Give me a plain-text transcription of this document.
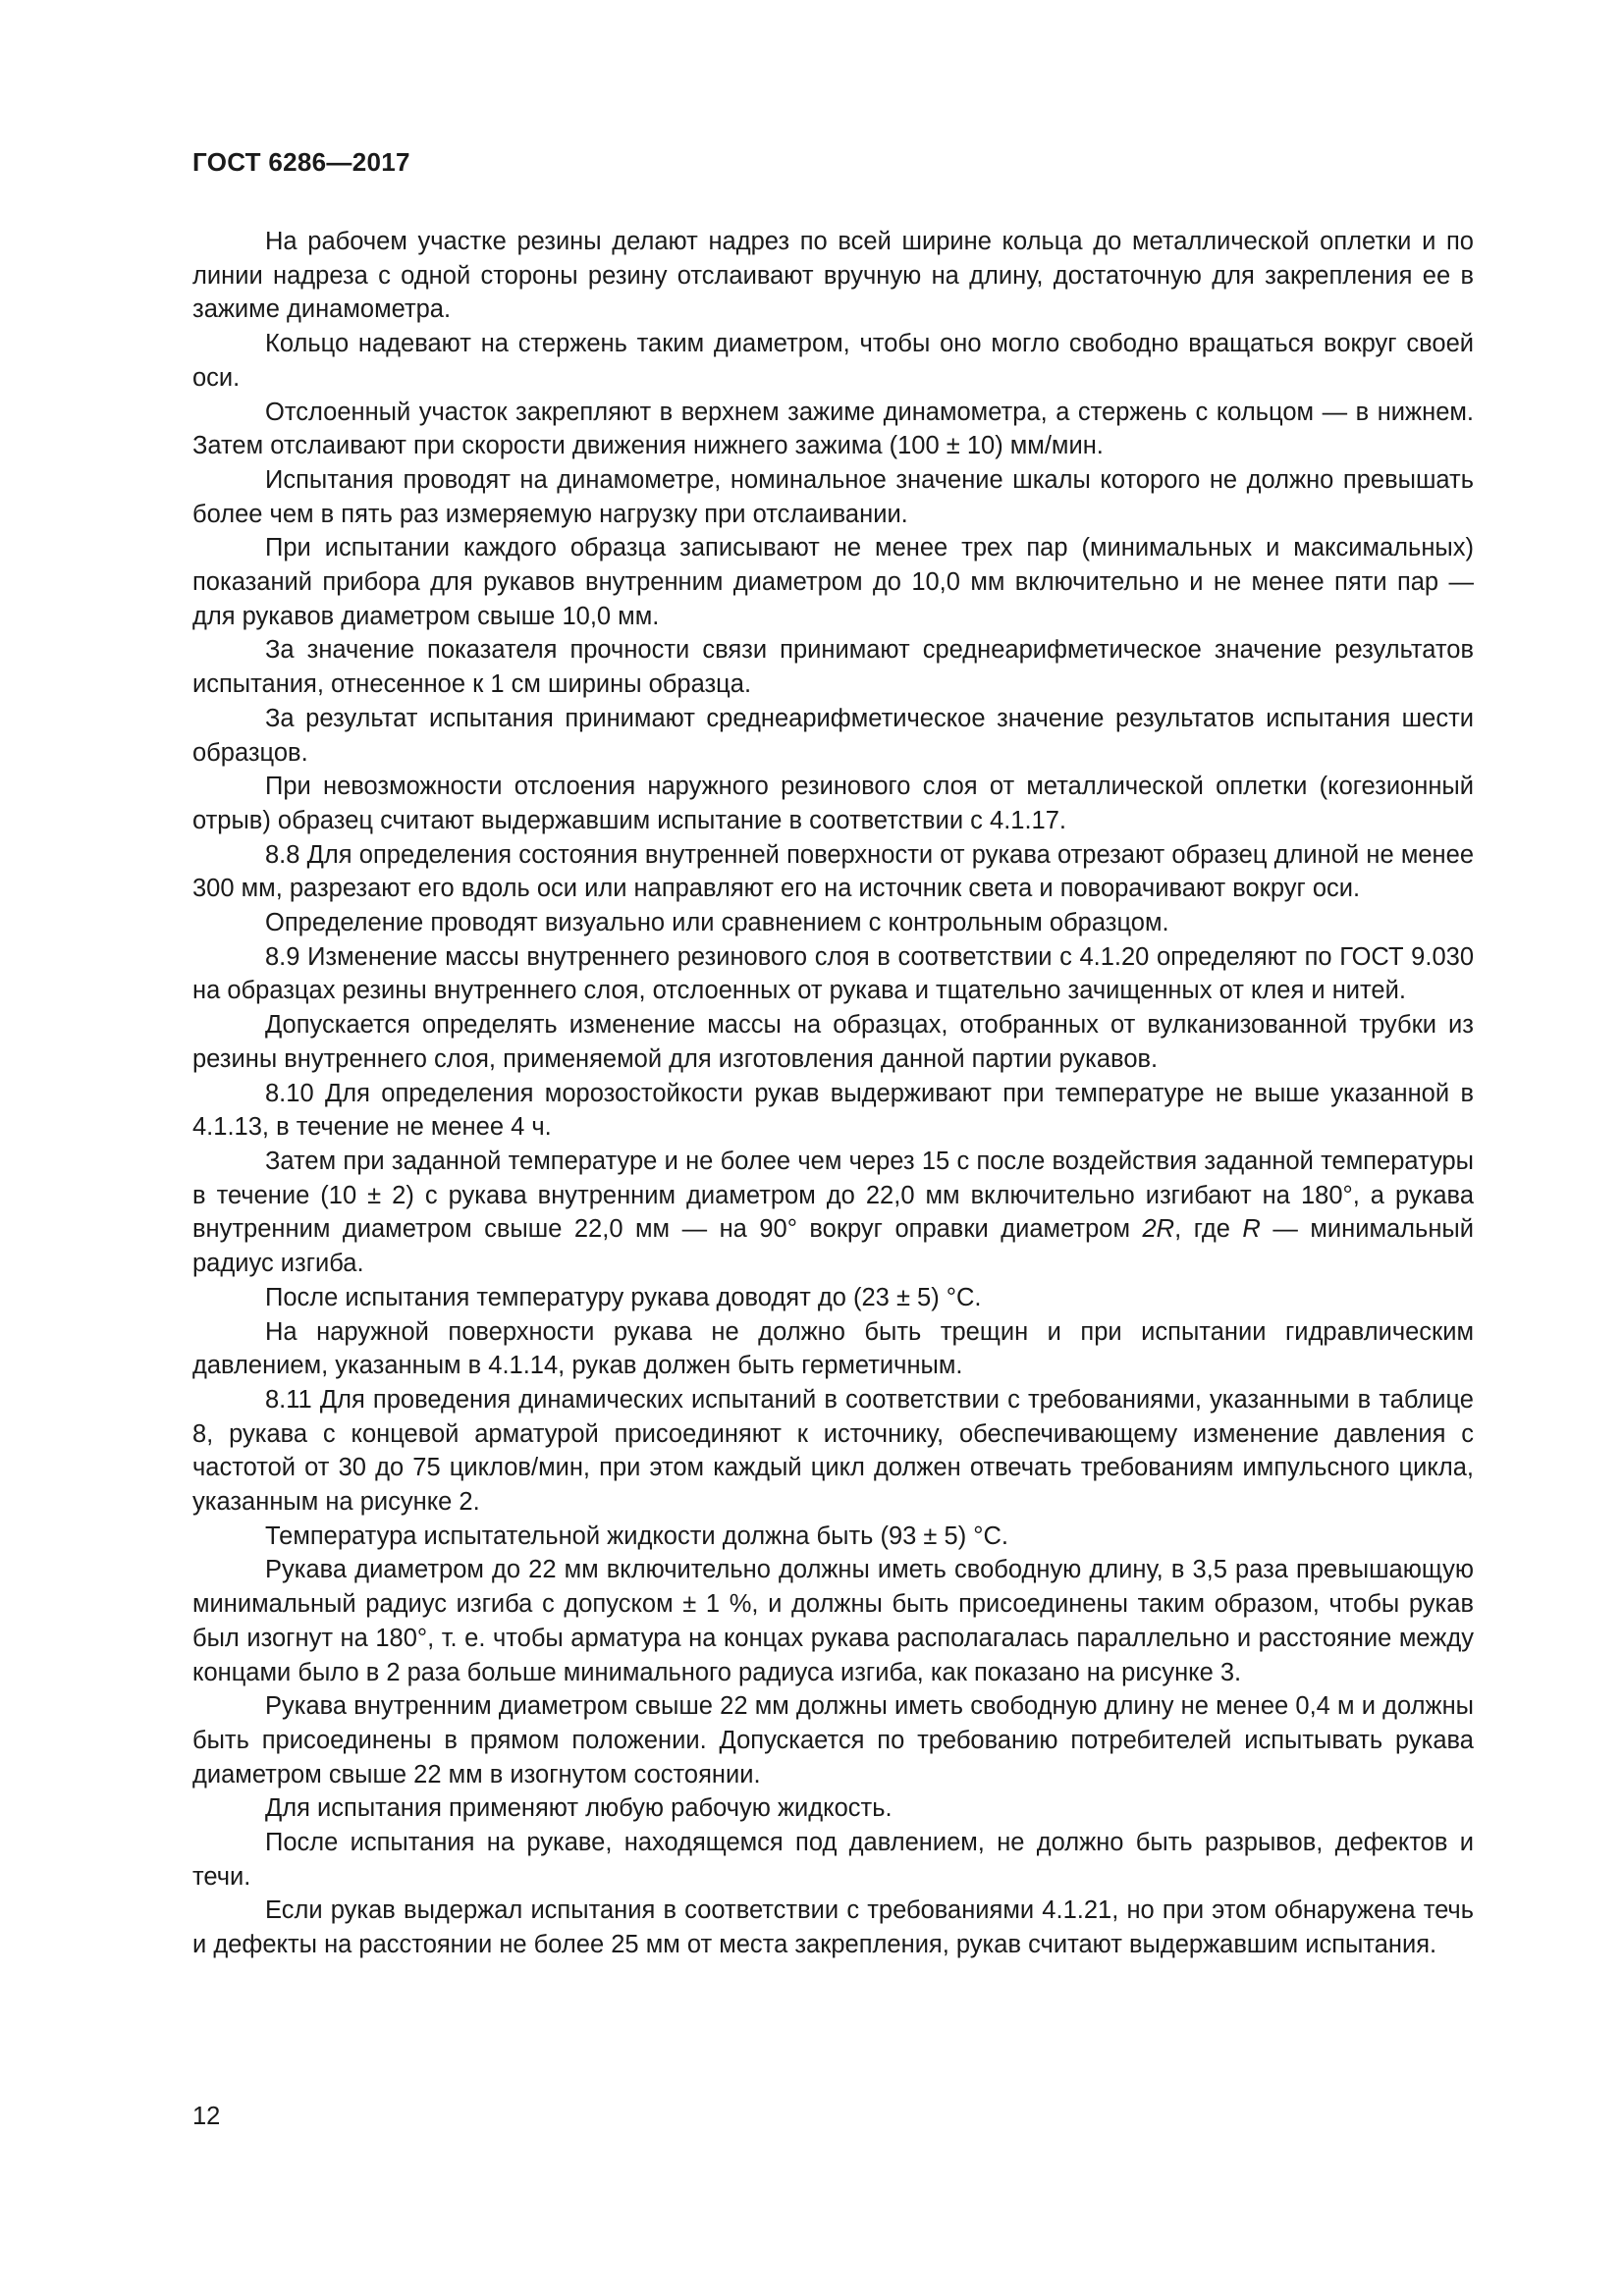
ГОСТ 6286—2017

На рабочем участке резины делают надрез по всей ширине кольца до металлической оплетки и по линии надреза с одной стороны резину отслаивают вручную на длину, достаточную для закрепления ее в зажиме динамометра.

Кольцо надевают на стержень таким диаметром, чтобы оно могло свободно вращаться вокруг своей оси.

Отслоенный участок закрепляют в верхнем зажиме динамометра, а стержень с кольцом — в нижнем. Затем отслаивают при скорости движения нижнего зажима (100 ± 10) мм/мин.

Испытания проводят на динамометре, номинальное значение шкалы которого не должно превышать более чем в пять раз измеряемую нагрузку при отслаивании.

При испытании каждого образца записывают не менее трех пар (минимальных и максимальных) показаний прибора для рукавов внутренним диаметром до 10,0 мм включительно и не менее пяти пар — для рукавов диаметром свыше 10,0 мм.

За значение показателя прочности связи принимают среднеарифметическое значение результатов испытания, отнесенное к 1 см ширины образца.

За результат испытания принимают среднеарифметическое значение результатов испытания шести образцов.

При невозможности отслоения наружного резинового слоя от металлической оплетки (когезионный отрыв) образец считают выдержавшим испытание в соответствии с 4.1.17.

8.8 Для определения состояния внутренней поверхности от рукава отрезают образец длиной не менее 300 мм, разрезают его вдоль оси или направляют его на источник света и поворачивают вокруг оси.

Определение проводят визуально или сравнением с контрольным образцом.

8.9 Изменение массы внутреннего резинового слоя в соответствии с 4.1.20 определяют по ГОСТ 9.030 на образцах резины внутреннего слоя, отслоенных от рукава и тщательно зачищенных от клея и нитей.

Допускается определять изменение массы на образцах, отобранных от вулканизованной трубки из резины внутреннего слоя, применяемой для изготовления данной партии рукавов.

8.10 Для определения морозостойкости рукав выдерживают при температуре не выше указанной в 4.1.13, в течение не менее 4 ч.

Затем при заданной температуре и не более чем через 15 с после воздействия заданной температуры в течение (10 ± 2) с рукава внутренним диаметром до 22,0 мм включительно изгибают на 180°, а рукава внутренним диаметром свыше 22,0 мм — на 90° вокруг оправки диаметром 2R, где R — минимальный радиус изгиба.

После испытания температуру рукава доводят до (23 ± 5) °С.

На наружной поверхности рукава не должно быть трещин и при испытании гидравлическим давлением, указанным в 4.1.14, рукав должен быть герметичным.

8.11 Для проведения динамических испытаний в соответствии с требованиями, указанными в таблице 8, рукава с концевой арматурой присоединяют к источнику, обеспечивающему изменение давления с частотой от 30 до 75 циклов/мин, при этом каждый цикл должен отвечать требованиям импульсного цикла, указанным на рисунке 2.

Температура испытательной жидкости должна быть (93 ± 5) °С.

Рукава диаметром до 22 мм включительно должны иметь свободную длину, в 3,5 раза превышающую минимальный радиус изгиба с допуском ± 1 %, и должны быть присоединены таким образом, чтобы рукав был изогнут на 180°, т. е. чтобы арматура на концах рукава располагалась параллельно и расстояние между концами было в 2 раза больше минимального радиуса изгиба, как показано на рисунке 3.

Рукава внутренним диаметром свыше 22 мм должны иметь свободную длину не менее 0,4 м и должны быть присоединены в прямом положении. Допускается по требованию потребителей испытывать рукава диаметром свыше 22 мм в изогнутом состоянии.

Для испытания применяют любую рабочую жидкость.

После испытания на рукаве, находящемся под давлением, не должно быть разрывов, дефектов и течи.

Если рукав выдержал испытания в соответствии с требованиями 4.1.21, но при этом обнаружена течь и дефекты на расстоянии не более 25 мм от места закрепления, рукав считают выдержавшим испытания.

12
